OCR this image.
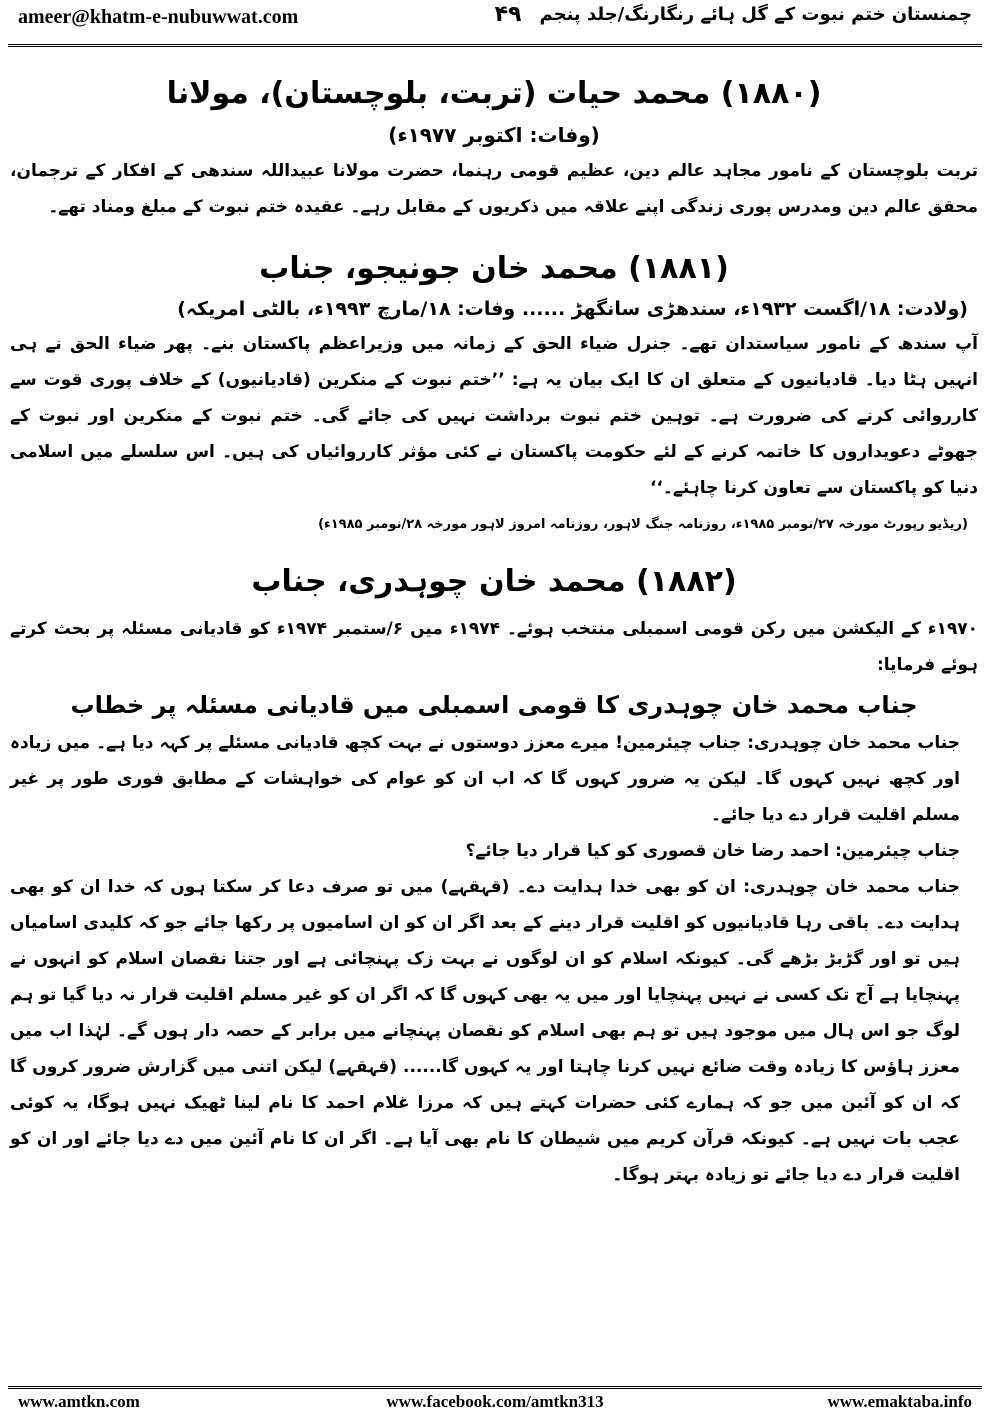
ameer@khatm-e-nubuwwat.com	۴۹	چمنستان ختم نبوت کے گل ہائے رنگارنگ/جلد پنجم
(۱۸۸۰) محمد حیات (تربت، بلوچستان)، مولانا
(وفات: اکتوبر ۱۹۷۷ء)

تربت بلوچستان کے نامور مجاہد عالم دین، عظیم قومی رہنما، حضرت مولانا عبیداللہ سندھی کے افکار کے ترجمان، محقق عالم دین ومدرس پوری زندگی اپنے علاقہ میں ذکریوں کے مقابل رہے۔ عقیدہ ختم نبوت کے مبلغ ومناد تھے۔

(۱۸۸۱) محمد خان جونیجو، جناب
(ولادت: ۱۸/اگست ۱۹۳۲ء، سندھڑی سانگھڑ ...... وفات: ۱۸/مارچ ۱۹۹۳ء، بالٹی امریکہ)

آپ سندھ کے نامور سیاستدان تھے۔ جنرل ضیاء الحق کے زمانہ میں وزیراعظم پاکستان بنے۔ پھر ضیاء الحق نے ہی انہیں ہٹا دیا۔ قادیانیوں کے متعلق ان کا ایک بیان یہ ہے: ’’ختم نبوت کے منکرین (قادیانیوں) کے خلاف پوری قوت سے کارروائی کرنے کی ضرورت ہے۔ توہین ختم نبوت برداشت نہیں کی جائے گی۔ ختم نبوت کے منکرین اور نبوت کے جھوٹے دعویداروں کا خاتمہ کرنے کے لئے حکومت پاکستان نے کئی مؤثر کارروائیاں کی ہیں۔ اس سلسلے میں اسلامی دنیا کو پاکستان سے تعاون کرنا چاہئے۔‘‘

(ریڈیو رپورٹ مورخہ ۲۷/نومبر ۱۹۸۵ء، روزنامہ جنگ لاہور، روزنامہ امروز لاہور مورخہ ۲۸/نومبر ۱۹۸۵ء)
(۱۸۸۲) محمد خان چوہدری، جناب

۱۹۷۰ء کے الیکشن میں رکن قومی اسمبلی منتخب ہوئے۔ ۱۹۷۴ء میں ۶/ستمبر ۱۹۷۴ء کو قادیانی مسئلہ پر بحث کرتے ہوئے فرمایا:

جناب محمد خان چوہدری کا قومی اسمبلی میں قادیانی مسئلہ پر خطاب

جناب محمد خان چوہدری: جناب چیئرمین! میرے معزز دوستوں نے بہت کچھ قادیانی مسئلے پر کہہ دیا ہے۔ میں زیادہ اور کچھ نہیں کہوں گا۔ لیکن یہ ضرور کہوں گا کہ اب ان کو عوام کی خواہشات کے مطابق فوری طور پر غیر مسلم اقلیت قرار دے دیا جائے۔

جناب چیئرمین: احمد رضا خان قصوری کو کیا قرار دیا جائے؟

جناب محمد خان چوہدری: ان کو بھی خدا ہدایت دے۔ (قہقہے) میں تو صرف دعا کر سکتا ہوں کہ خدا ان کو بھی ہدایت دے۔ باقی رہا قادیانیوں کو اقلیت قرار دینے کے بعد اگر ان کو ان اسامیوں پر رکھا جائے جو کہ کلیدی اسامیاں ہیں تو اور گڑبڑ بڑھے گی۔ کیونکہ اسلام کو ان لوگوں نے بہت زک پہنچائی ہے اور جتنا نقصان اسلام کو انہوں نے پہنچایا ہے آج تک کسی نے نہیں پہنچایا اور میں یہ بھی کہوں گا کہ اگر ان کو غیر مسلم اقلیت قرار نہ دیا گیا تو ہم لوگ جو اس ہال میں موجود ہیں تو ہم بھی اسلام کو نقصان پہنچانے میں برابر کے حصہ دار ہوں گے۔ لہٰذا اب میں معزز ہاؤس کا زیادہ وقت ضائع نہیں کرنا چاہتا اور یہ کہوں گا...... (قہقہے) لیکن اتنی میں گزارش ضرور کروں گا کہ ان کو آئین میں جو کہ ہمارے کئی حضرات کہتے ہیں کہ مرزا غلام احمد کا نام لینا ٹھیک نہیں ہوگا، یہ کوئی عجب بات نہیں ہے۔ کیونکہ قرآن کریم میں شیطان کا نام بھی آیا ہے۔ اگر ان کا نام آئین میں دے دیا جائے اور ان کو اقلیت قرار دے دیا جائے تو زیادہ بہتر ہوگا۔

www.amtkn.com	www.facebook.com/amtkn313	www.emaktaba.info
